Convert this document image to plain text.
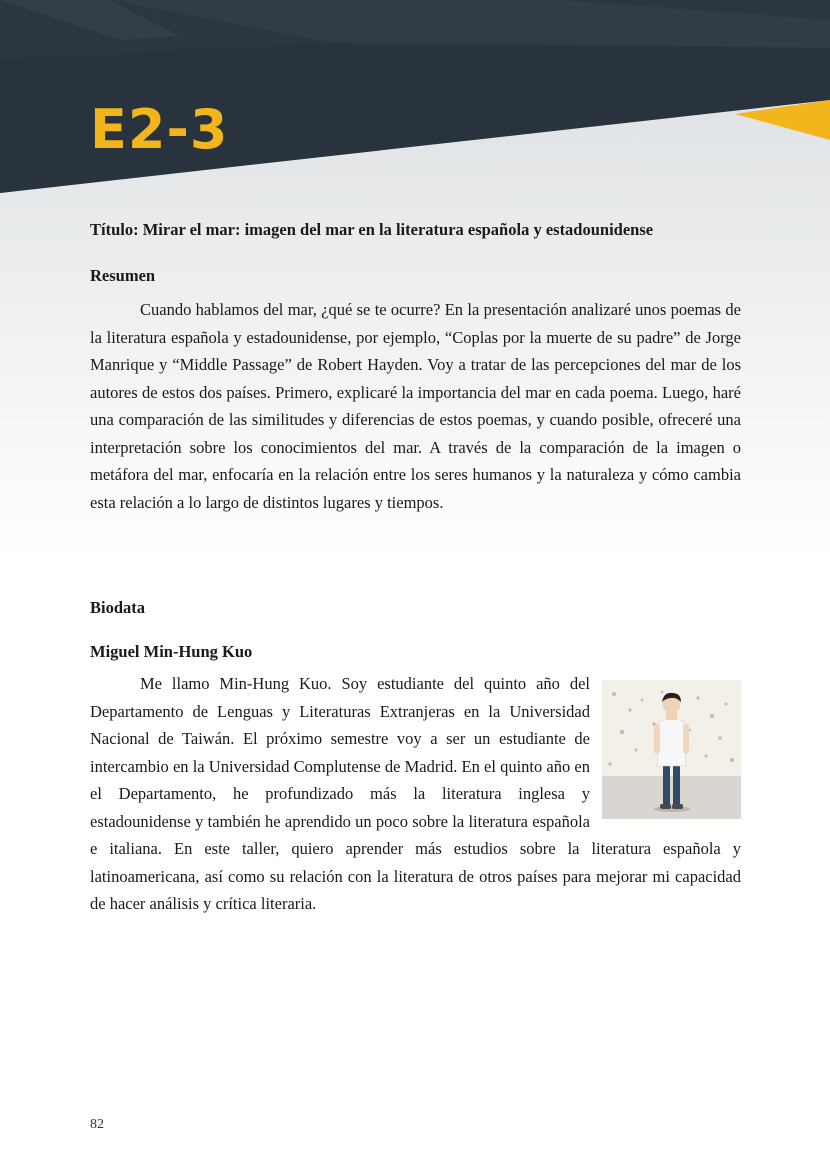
E2-3

Título: Mirar el mar: imagen del mar en la literatura española y estadounidense

Resumen

Cuando hablamos del mar, ¿qué se te ocurre? En la presentación analizaré unos poemas de la literatura española y estadounidense, por ejemplo, “Coplas por la muerte de su padre” de Jorge Manrique y “Middle Passage” de Robert Hayden. Voy a tratar de las percepciones del mar de los autores de estos dos países. Primero, explicaré la importancia del mar en cada poema. Luego, haré una comparación de las similitudes y diferencias de estos poemas, y cuando posible, ofreceré una interpretación sobre los conocimientos del mar. A través de la comparación de la imagen o metáfora del mar, enfocaría en la relación entre los seres humanos y la naturaleza y cómo cambia esta relación a lo largo de distintos lugares y tiempos.

Biodata

Miguel Min-Hung Kuo

Me llamo Min-Hung Kuo. Soy estudiante del quinto año del Departamento de Lenguas y Literaturas Extranjeras en la Universidad Nacional de Taiwán. El próximo semestre voy a ser un estudiante de intercambio en la Universidad Complutense de Madrid. En el quinto año en el Departamento, he profundizado más la literatura inglesa y estadounidense y también he aprendido un poco sobre la literatura española e italiana. En este taller, quiero aprender más estudios sobre la literatura española y latinoamericana, así como su relación con la literatura de otros países para mejorar mi capacidad de hacer análisis y crítica literaria.

82
